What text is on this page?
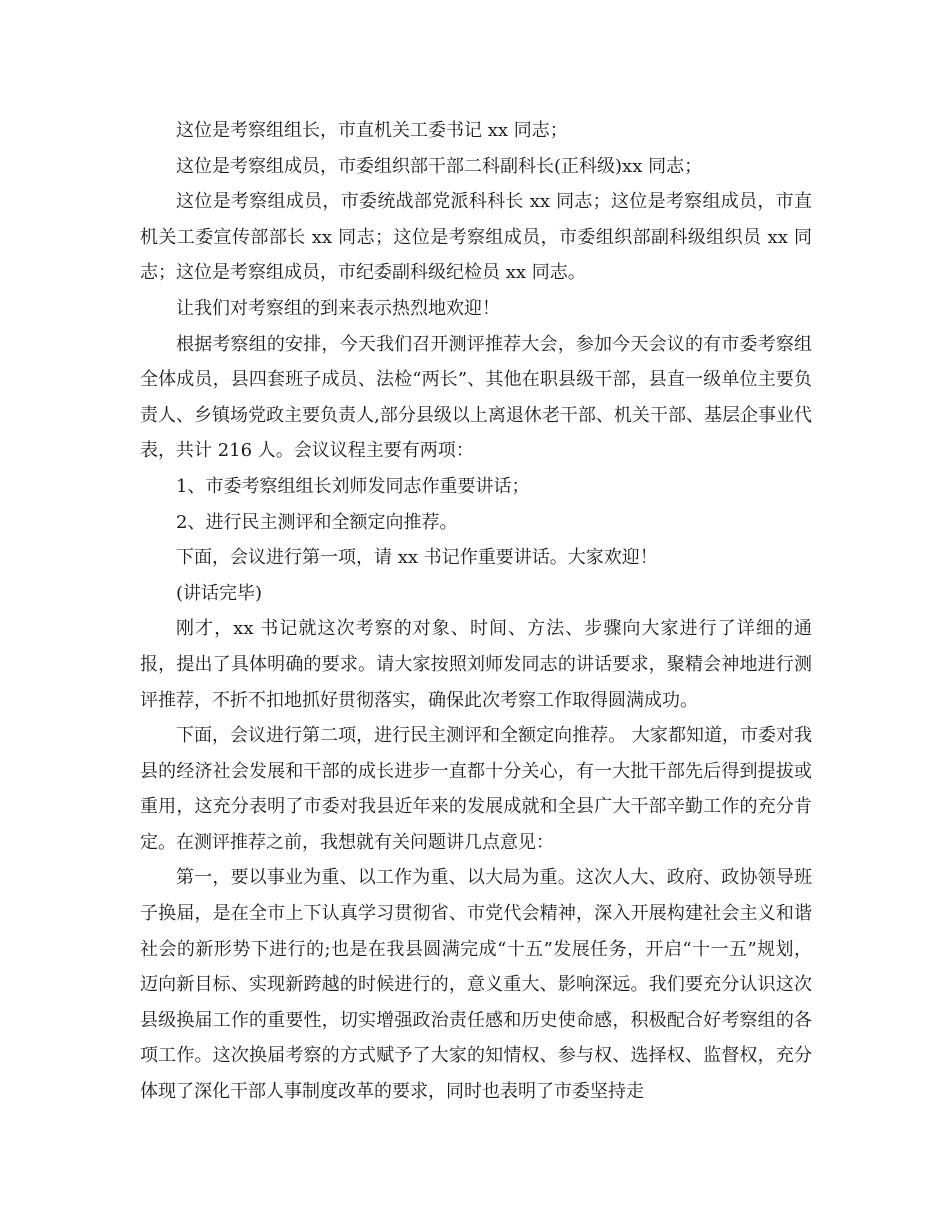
这位是考察组组长，市直机关工委书记 xx 同志；

这位是考察组成员，市委组织部干部二科副科长(正科级)xx 同志；

这位是考察组成员，市委统战部党派科科长 xx 同志；这位是考察组成员，市直机关工委宣传部部长 xx 同志；这位是考察组成员，市委组织部副科级组织员 xx 同志；这位是考察组成员，市纪委副科级纪检员 xx 同志。

让我们对考察组的到来表示热烈地欢迎！

根据考察组的安排，今天我们召开测评推荐大会，参加今天会议的有市委考察组全体成员，县四套班子成员、法检“两长”、其他在职县级干部，县直一级单位主要负责人、乡镇场党政主要负责人,部分县级以上离退休老干部、机关干部、基层企事业代表，共计 216 人。会议议程主要有两项：

1、市委考察组组长刘师发同志作重要讲话；

2、进行民主测评和全额定向推荐。

下面，会议进行第一项，请 xx 书记作重要讲话。大家欢迎！

(讲话完毕)

刚才，xx 书记就这次考察的对象、时间、方法、步骤向大家进行了详细的通报，提出了具体明确的要求。请大家按照刘师发同志的讲话要求，聚精会神地进行测评推荐，不折不扣地抓好贯彻落实，确保此次考察工作取得圆满成功。

下面，会议进行第二项，进行民主测评和全额定向推荐。 大家都知道，市委对我县的经济社会发展和干部的成长进步一直都十分关心，有一大批干部先后得到提拔或重用，这充分表明了市委对我县近年来的发展成就和全县广大干部辛勤工作的充分肯定。在测评推荐之前，我想就有关问题讲几点意见：

第一，要以事业为重、以工作为重、以大局为重。这次人大、政府、政协领导班子换届，是在全市上下认真学习贯彻省、市党代会精神，深入开展构建社会主义和谐社会的新形势下进行的;也是在我县圆满完成“十五”发展任务，开启“十一五”规划，迈向新目标、实现新跨越的时候进行的，意义重大、影响深远。我们要充分认识这次县级换届工作的重要性，切实增强政治责任感和历史使命感，积极配合好考察组的各项工作。这次换届考察的方式赋予了大家的知情权、参与权、选择权、监督权，充分体现了深化干部人事制度改革的要求，同时也表明了市委坚持走
